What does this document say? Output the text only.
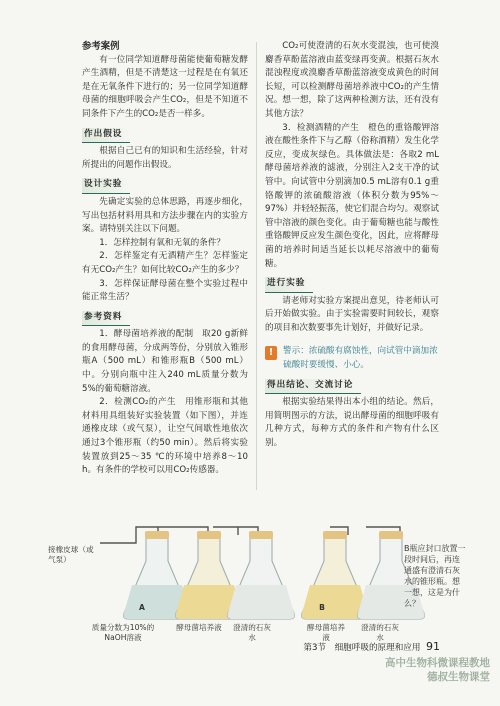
参考案例

有一位同学知道酵母菌能使葡萄糖发酵产生酒精，但是不清楚这一过程是在有氧还是在无氧条件下进行的；另一位同学知道酵母菌的细胞呼吸会产生CO₂，但是不知道不同条件下产生的CO₂是否一样多。

作出假设

根据自己已有的知识和生活经验，针对所提出的问题作出假设。

设计实验

先确定实验的总体思路，再逐步细化，写出包括材料用具和方法步骤在内的实验方案。请特别关注以下问题。

1．怎样控制有氧和无氧的条件？

2．怎样鉴定有无酒精产生？怎样鉴定有无CO₂产生？如何比较CO₂产生的多少？

3．怎样保证酵母菌在整个实验过程中能正常生活？

参考资料

1．酵母菌培养液的配制　取20 g新鲜的食用酵母菌，分成两等份，分别放入锥形瓶A（500 mL）和锥形瓶B（500 mL）中。分别向瓶中注入240 mL质量分数为5%的葡萄糖溶液。

2．检测CO₂的产生　用锥形瓶和其他材料用具组装好实验装置（如下图），并连通橡皮球（或气泵），让空气间歇性地依次通过3个锥形瓶（约50 min）。然后将实验装置放到25～35 ℃的环境中培养8～10 h。有条件的学校可以用CO₂传感器。

CO₂可使澄清的石灰水变混浊，也可使溴麝香草酚蓝溶液由蓝变绿再变黄。根据石灰水混浊程度或溴麝香草酚蓝溶液变成黄色的时间长短，可以检测酵母菌培养液中CO₂的产生情况。想一想，除了这两种检测方法，还有没有其他方法？

3．检测酒精的产生　橙色的重铬酸钾溶液在酸性条件下与乙醇（俗称酒精）发生化学反应，变成灰绿色。具体做法是：各取2 mL酵母菌培养液的滤液，分别注入2支干净的试管中。向试管中分别滴加0.5 mL溶有0.1 g重铬酸钾的浓硫酸溶液（体积分数为95%～97%）并轻轻振荡，使它们混合均匀。观察试管中溶液的颜色变化。由于葡萄糖也能与酸性重铬酸钾反应发生颜色变化，因此，应将酵母菌的培养时间适当延长以耗尽溶液中的葡萄糖。

进行实验

请老师对实验方案提出意见，待老师认可后开始做实验。由于实验需要时间较长，观察的项目和次数要事先计划好，并做好记录。

!	警示：浓硫酸有腐蚀性，向试管中滴加浓硫酸时要缓慢、小心。
得出结论、交流讨论

根据实验结果得出本小组的结论。然后，用简明图示的方法，说出酵母菌的细胞呼吸有几种方式，每种方式的条件和产物有什么区别。

接橡皮球（或气泵）
A	B
质量分数为10%的NaOH溶液
酵母菌培养液	澄清的石灰水
酵母菌培养液
澄清的石灰水
B瓶应封口放置一段时间后，再连通盛有澄清石灰水的锥形瓶。想一想，这是为什么？
第3节　细胞呼吸的原理和应用 91
高中生物科微课程教地
德叔生物课堂
